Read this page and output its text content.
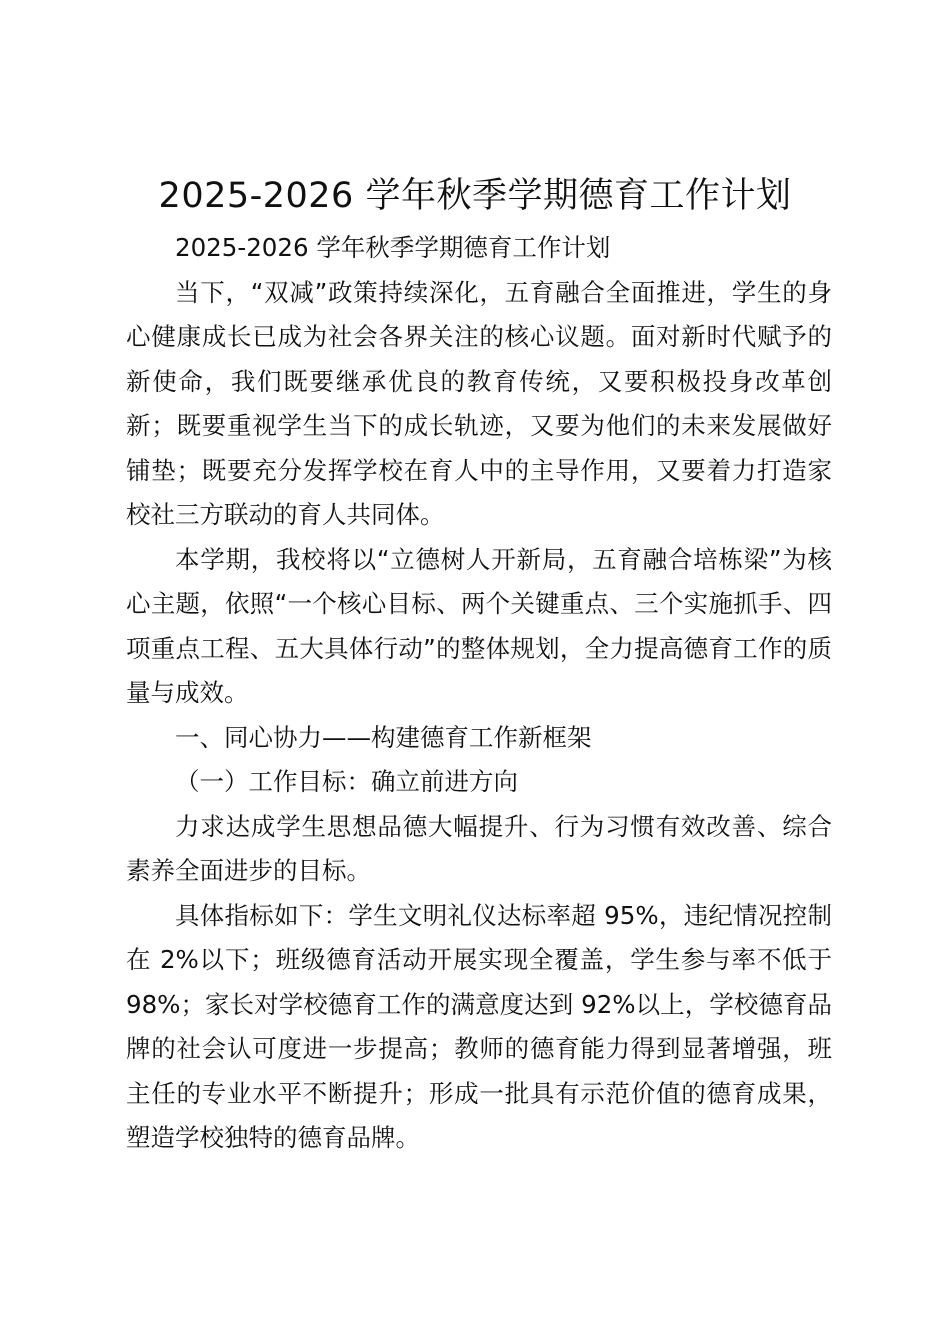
2025-2026 学年秋季学期德育工作计划

2025-2026 学年秋季学期德育工作计划

当下，“双减”政策持续深化，五育融合全面推进，学生的身心健康成长已成为社会各界关注的核心议题。面对新时代赋予的新使命，我们既要继承优良的教育传统，又要积极投身改革创新；既要重视学生当下的成长轨迹，又要为他们的未来发展做好铺垫；既要充分发挥学校在育人中的主导作用，又要着力打造家校社三方联动的育人共同体。

本学期，我校将以“立德树人开新局，五育融合培栋梁”为核心主题，依照“一个核心目标、两个关键重点、三个实施抓手、四项重点工程、五大具体行动”的整体规划，全力提高德育工作的质量与成效。

一、同心协力——构建德育工作新框架

（一）工作目标：确立前进方向

力求达成学生思想品德大幅提升、行为习惯有效改善、综合素养全面进步的目标。

具体指标如下：学生文明礼仪达标率超 95%，违纪情况控制在 2%以下；班级德育活动开展实现全覆盖，学生参与率不低于 98%；家长对学校德育工作的满意度达到 92%以上，学校德育品牌的社会认可度进一步提高；教师的德育能力得到显著增强，班主任的专业水平不断提升；形成一批具有示范价值的德育成果，塑造学校独特的德育品牌。
